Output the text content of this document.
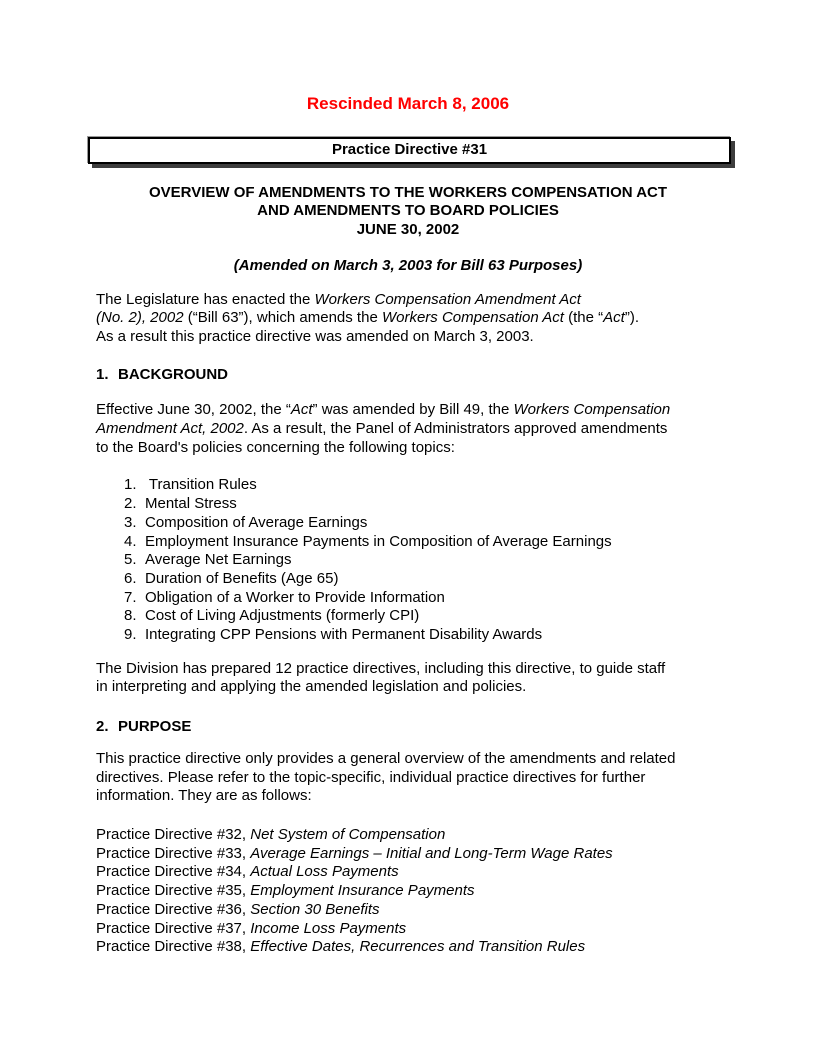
Rescinded March 8, 2006
Practice Directive #31
OVERVIEW OF AMENDMENTS TO THE WORKERS COMPENSATION ACT
AND AMENDMENTS TO BOARD POLICIES
JUNE 30, 2002
(Amended on March 3, 2003 for Bill 63 Purposes)

The Legislature has enacted the Workers Compensation Amendment Act
(No. 2), 2002 (“Bill 63”), which amends the Workers Compensation Act (the “Act”).
As a result this practice directive was amended on March 3, 2003.

1. BACKGROUND

Effective June 30, 2002, the “Act” was amended by Bill 49, the Workers Compensation
Amendment Act, 2002. As a result, the Panel of Administrators approved amendments
to the Board's policies concerning the following topics:

1. Transition Rules
2. Mental Stress
3. Composition of Average Earnings
4. Employment Insurance Payments in Composition of Average Earnings
5. Average Net Earnings
6. Duration of Benefits (Age 65)
7. Obligation of a Worker to Provide Information
8. Cost of Living Adjustments (formerly CPI)
9. Integrating CPP Pensions with Permanent Disability Awards

The Division has prepared 12 practice directives, including this directive, to guide staff
in interpreting and applying the amended legislation and policies.

2. PURPOSE

This practice directive only provides a general overview of the amendments and related
directives. Please refer to the topic-specific, individual practice directives for further
information. They are as follows:

Practice Directive #32, Net System of Compensation
Practice Directive #33, Average Earnings – Initial and Long-Term Wage Rates
Practice Directive #34, Actual Loss Payments
Practice Directive #35, Employment Insurance Payments
Practice Directive #36, Section 30 Benefits
Practice Directive #37, Income Loss Payments
Practice Directive #38, Effective Dates, Recurrences and Transition Rules
